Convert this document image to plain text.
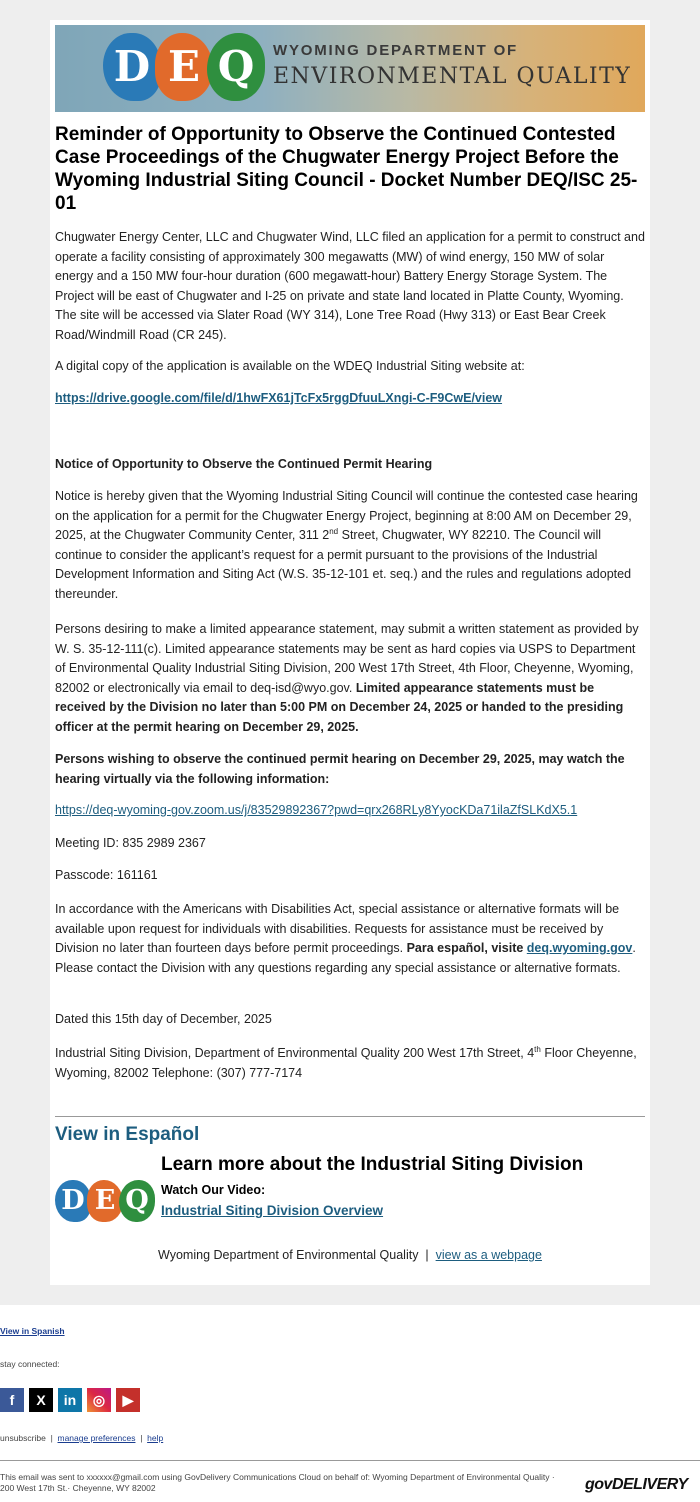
D E Q	WYOMING DEPARTMENT OF
ENVIRONMENTAL QUALITY
Reminder of Opportunity to Observe the Continued Contested Case Proceedings of the Chugwater Energy Project Before the Wyoming Industrial Siting Council - Docket Number DEQ/ISC 25-01

Chugwater Energy Center, LLC and Chugwater Wind, LLC filed an application for a permit to construct and operate a facility consisting of approximately 300 megawatts (MW) of wind energy, 150 MW of solar energy and a 150 MW four-hour duration (600 megawatt-hour) Battery Energy Storage System. The Project will be east of Chugwater and I-25 on private and state land located in Platte County, Wyoming. The site will be accessed via Slater Road (WY 314), Lone Tree Road (Hwy 313) or East Bear Creek Road/Windmill Road (CR 245).

A digital copy of the application is available on the WDEQ Industrial Siting website at:

https://drive.google.com/file/d/1hwFX61jTcFx5rggDfuuLXngi-C-F9CwE/view

Notice of Opportunity to Observe the Continued Permit Hearing

Notice is hereby given that the Wyoming Industrial Siting Council will continue the contested case hearing on the application for a permit for the Chugwater Energy Project, beginning at 8:00 AM on December 29, 2025, at the Chugwater Community Center, 311 2nd Street, Chugwater, WY 82210. The Council will continue to consider the applicant’s request for a permit pursuant to the provisions of the Industrial Development Information and Siting Act (W.S. 35-12-101 et. seq.) and the rules and regulations adopted thereunder.

Persons desiring to make a limited appearance statement, may submit a written statement as provided by W. S. 35-12-111(c). Limited appearance statements may be sent as hard copies via USPS to Department of Environmental Quality Industrial Siting Division, 200 West 17th Street, 4th Floor, Cheyenne, Wyoming, 82002 or electronically via email to deq-isd@wyo.gov. Limited appearance statements must be received by the Division no later than 5:00 PM on December 24, 2025 or handed to the presiding officer at the permit hearing on December 29, 2025.

Persons wishing to observe the continued permit hearing on December 29, 2025, may watch the hearing virtually via the following information:

https://deq-wyoming-gov.zoom.us/j/83529892367?pwd=qrx268RLy8YyocKDa71ilaZfSLKdX5.1

Meeting ID: 835 2989 2367

Passcode: 161161

In accordance with the Americans with Disabilities Act, special assistance or alternative formats will be available upon request for individuals with disabilities. Requests for assistance must be received by Division no later than fourteen days before permit proceedings. Para español, visite deq.wyoming.gov. Please contact the Division with any questions regarding any special assistance or alternative formats.

Dated this 15th day of December, 2025

Industrial Siting Division, Department of Environmental Quality 200 West 17th Street, 4th Floor Cheyenne, Wyoming, 82002 Telephone: (307) 777-7174

View in Español
D E Q
Learn more about the Industrial Siting Division
Watch Our Video:
Industrial Siting Division Overview
Wyoming Department of Environmental Quality  |  view as a webpage
View in Spanish
stay connected:
f	X	in	◎	▶
unsubscribe  |  manage preferences  |  help
This email was sent to xxxxxx@gmail.com using GovDelivery Communications Cloud on behalf of: Wyoming Department of Environmental Quality · 200 West 17th St.· Cheyenne, WY 82002	govDELIVERY
